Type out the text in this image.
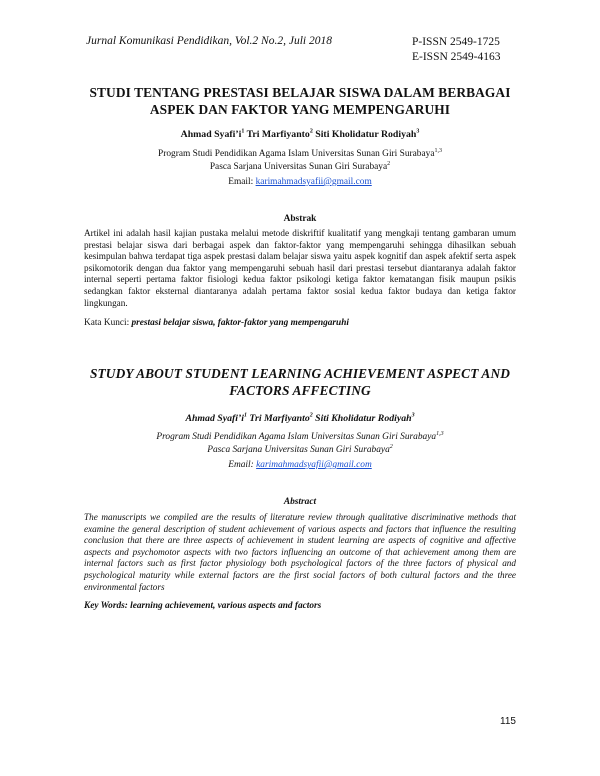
Jurnal Komunikasi Pendidikan, Vol.2 No.2, Juli 2018	P-ISSN 2549-1725
E-ISSN 2549-4163
STUDI TENTANG PRESTASI BELAJAR SISWA DALAM BERBAGAI
ASPEK DAN FAKTOR YANG MEMPENGARUHI
Ahmad $Syafi’i^1$ Tri Marfiyanto$^2$ Siti Kholidatur Rodiyah$^3$
Program Studi Pendidikan Agama Islam Universitas Sunan Giri Surabaya$^{1,3}$
Pasca Sarjana Universitas Sunan Giri Surabaya$^2$
Email: karimahmadsyafii@gmail.com
Abstrak
Artikel ini adalah hasil kajian pustaka melalui metode diskriftif kualitatif yang mengkaji tentang gambaran umum prestasi belajar siswa dari berbagai aspek dan faktor-faktor yang mempengaruhi sehingga dihasilkan sebuah kesimpulan bahwa terdapat tiga aspek prestasi dalam belajar siswa yaitu aspek kognitif dan aspek afektif serta aspek psikomotorik dengan dua faktor yang mempengaruhi sebuah hasil dari prestasi tersebut diantaranya adalah faktor internal seperti pertama faktor fisiologi kedua faktor psikologi ketiga faktor kematangan fisik maupun psikis sedangkan faktor eksternal diantaranya adalah pertama faktor sosial kedua faktor budaya dan ketiga faktor lingkungan.
Kata Kunci: prestasi belajar siswa, faktor-faktor yang mempengaruhi
STUDY ABOUT STUDENT LEARNING ACHIEVEMENT ASPECT AND
FACTORS AFFECTING
Ahmad $Syafi’i^1$ Tri Marfiyanto$^2$ Siti Kholidatur Rodiyah$^3$
Program Studi Pendidikan Agama Islam Universitas Sunan Giri Surabaya$^{1,3}$
Pasca Sarjana Universitas Sunan Giri Surabaya$^2$
Email: karimahmadsyafii@gmail.com
Abstract
The manuscripts we compiled are the results of literature review through qualitative discriminative methods that examine the general description of student achievement of various aspects and factors that influence the resulting conclusion that there are three aspects of achievement in student learning are aspects of cognitive and affective aspects and psychomotor aspects with two factors influencing an outcome of that achievement among them are internal factors such as first factor physiology both psychological factors of the three factors of physical and psychological maturity while external factors are the first social factors of both cultural factors and the three environmental factors
Key Words: learning achievement, various aspects and factors
115
